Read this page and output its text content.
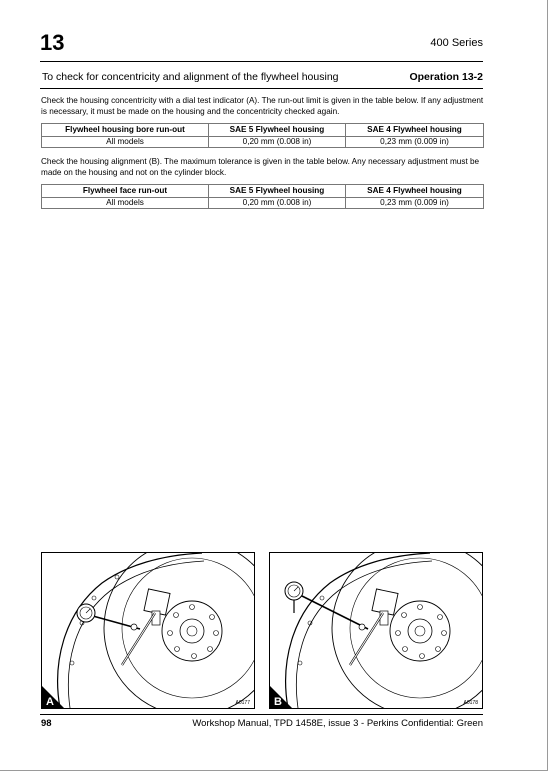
13	400 Series
To check for concentricity and alignment of the flywheel housing	Operation 13-2
Check the housing concentricity with a dial test indicator (A). The run-out limit is given in the table below. If any adjustment is necessary, it must be made on the housing and the concentricity checked again.
Flywheel housing bore run-out	SAE 5 Flywheel housing	SAE 4 Flywheel housing
All models	0,20 mm (0.008 in)	0,23 mm (0.009 in)
Check the housing alignment (B). The maximum tolerance is given in the table below. Any necessary adjustment must be made on the housing and not on the cylinder block.
Flywheel face run-out	SAE 5 Flywheel housing	SAE 4 Flywheel housing
All models	0,20 mm (0.008 in)	0,23 mm (0.009 in)
A	A0177 B	A0178
98	Workshop Manual, TPD 1458E, issue 3 - Perkins Confidential: Green
